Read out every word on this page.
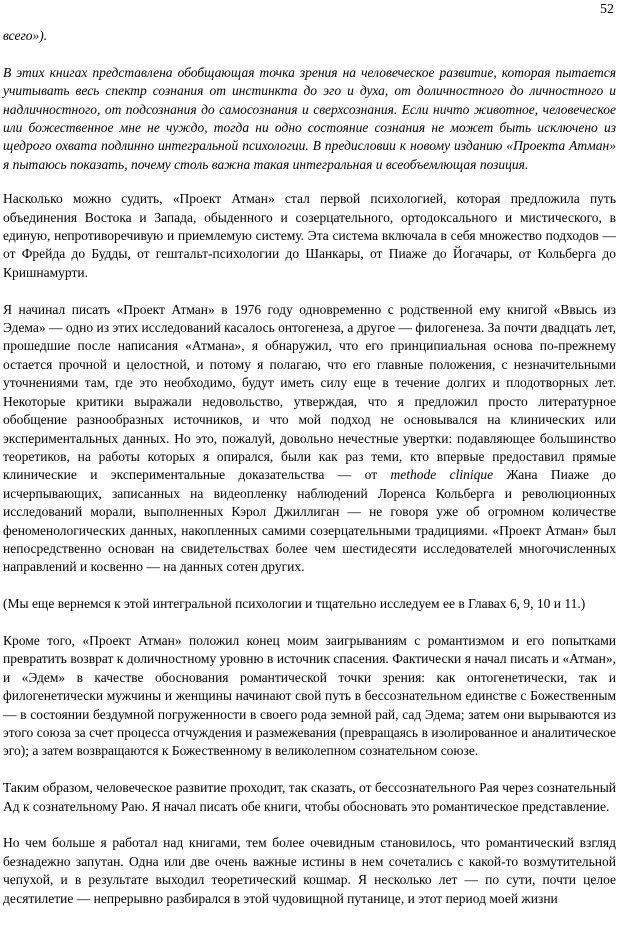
52

всего»).

В этих книгах представлена обобщающая точка зрения на человеческое развитие, которая пытается учитывать весь спектр сознания от инстинкта до эго и духа, от доличностного до личностного и надличностного, от подсознания до самосознания и сверхсознания. Если ничто животное, человеческое или божественное мне не чуждо, тогда ни одно состояние сознания не может быть исключено из щедрого охвата подлинно интегральной психологии. В предисловии к новому изданию «Проекта Атман» я пытаюсь показать, почему столь важна такая интегральная и всеобъемлющая позиция.

Насколько можно судить, «Проект Атман» стал первой психологией, которая предложила путь объединения Востока и Запада, обыденного и созерцательного, ортодоксального и мистического, в единую, непротиворечивую и приемлемую систему. Эта система включала в себя множество подходов — от Фрейда до Будды, от гештальт-психологии до Шанкары, от Пиаже до Йогачары, от Кольберга до Кришнамурти.

Я начинал писать «Проект Атман» в 1976 году одновременно с родственной ему книгой «Ввысь из Эдема» — одно из этих исследований касалось онтогенеза, а другое — филогенеза. За почти двадцать лет, прошедшие после написания «Атмана», я обнаружил, что его принципиальная основа по-прежнему остается прочной и целостной, и потому я полагаю, что его главные положения, с незначительными уточнениями там, где это необходимо, будут иметь силу еще в течение долгих и плодотворных лет. Некоторые критики выражали недовольство, утверждая, что я предложил просто литературное обобщение разнообразных источников, и что мой подход не основывался на клинических или экспериментальных данных. Но это, пожалуй, довольно нечестные увертки: подавляющее большинство теоретиков, на работы которых я опирался, были как раз теми, кто впервые предоставил прямые клинические и экспериментальные доказательства — от methode clinique Жана Пиаже до исчерпывающих, записанных на видеопленку наблюдений Лоренса Кольберга и революционных исследований морали, выполненных Кэрол Джиллиган — не говоря уже об огромном количестве феноменологических данных, накопленных самими созерцательными традициями. «Проект Атман» был непосредственно основан на свидетельствах более чем шестидесяти исследователей многочисленных направлений и косвенно — на данных сотен других.

(Мы еще вернемся к этой интегральной психологии и тщательно исследуем ее в Главах 6, 9, 10 и 11.)

Кроме того, «Проект Атман» положил конец моим заигрываниям с романтизмом и его попытками превратить возврат к доличностному уровню в источник спасения. Фактически я начал писать и «Атман», и «Эдем» в качестве обоснования романтической точки зрения: как онтогенетически, так и филогенетически мужчины и женщины начинают свой путь в бессознательном единстве с Божественным — в состоянии бездумной погруженности в своего рода земной рай, сад Эдема; затем они вырываются из этого союза за счет процесса отчуждения и размежевания (превращаясь в изолированное и аналитическое эго); а затем возвращаются к Божественному в великолепном сознательном союзе.

Таким образом, человеческое развитие проходит, так сказать, от бессознательного Рая через сознательный Ад к сознательному Раю. Я начал писать обе книги, чтобы обосновать это романтическое представление.

Но чем больше я работал над книгами, тем более очевидным становилось, что романтический взгляд безнадежно запутан. Одна или две очень важные истины в нем сочетались с какой-то возмутительной чепухой, и в результате выходил теоретический кошмар. Я несколько лет — по сути, почти целое десятилетие — непрерывно разбирался в этой чудовищной путанице, и этот период моей жизни
